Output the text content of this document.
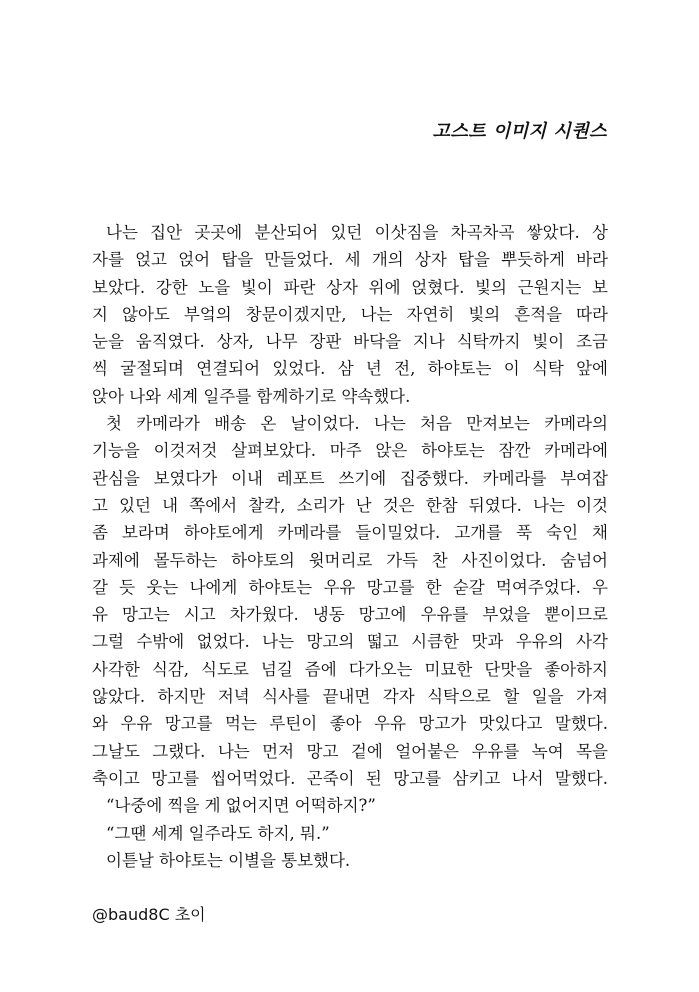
고스트 이미지 시퀀스
나는 집안 곳곳에 분산되어 있던 이삿짐을 차곡차곡 쌓았다. 상
자를 얹고 얹어 탑을 만들었다. 세 개의 상자 탑을 뿌듯하게 바라
보았다. 강한 노을 빛이 파란 상자 위에 얹혔다. 빛의 근원지는 보
지 않아도 부엌의 창문이겠지만, 나는 자연히 빛의 흔적을 따라
눈을 움직였다. 상자, 나무 장판 바닥을 지나 식탁까지 빛이 조금
씩 굴절되며 연결되어 있었다. 삼 년 전, 하야토는 이 식탁 앞에
앉아 나와 세계 일주를 함께하기로 약속했다.
첫 카메라가 배송 온 날이었다. 나는 처음 만져보는 카메라의
기능을 이것저것 살펴보았다. 마주 앉은 하야토는 잠깐 카메라에
관심을 보였다가 이내 레포트 쓰기에 집중했다. 카메라를 부여잡
고 있던 내 쪽에서 찰칵, 소리가 난 것은 한참 뒤였다. 나는 이것
좀 보라며 하야토에게 카메라를 들이밀었다. 고개를 푹 숙인 채
과제에 몰두하는 하야토의 윗머리로 가득 찬 사진이었다. 숨넘어
갈 듯 웃는 나에게 하야토는 우유 망고를 한 숟갈 먹여주었다. 우
유 망고는 시고 차가웠다. 냉동 망고에 우유를 부었을 뿐이므로
그럴 수밖에 없었다. 나는 망고의 떫고 시큼한 맛과 우유의 사각
사각한 식감, 식도로 넘길 즘에 다가오는 미묘한 단맛을 좋아하지
않았다. 하지만 저녁 식사를 끝내면 각자 식탁으로 할 일을 가져
와 우유 망고를 먹는 루틴이 좋아 우유 망고가 맛있다고 말했다.
그날도 그랬다. 나는 먼저 망고 겉에 얼어붙은 우유를 녹여 목을
축이고 망고를 씹어먹었다. 곤죽이 된 망고를 삼키고 나서 말했다.
“나중에 찍을 게 없어지면 어떡하지?”
“그땐 세계 일주라도 하지, 뭐.”
이튿날 하야토는 이별을 통보했다.
@baud8C 초이
